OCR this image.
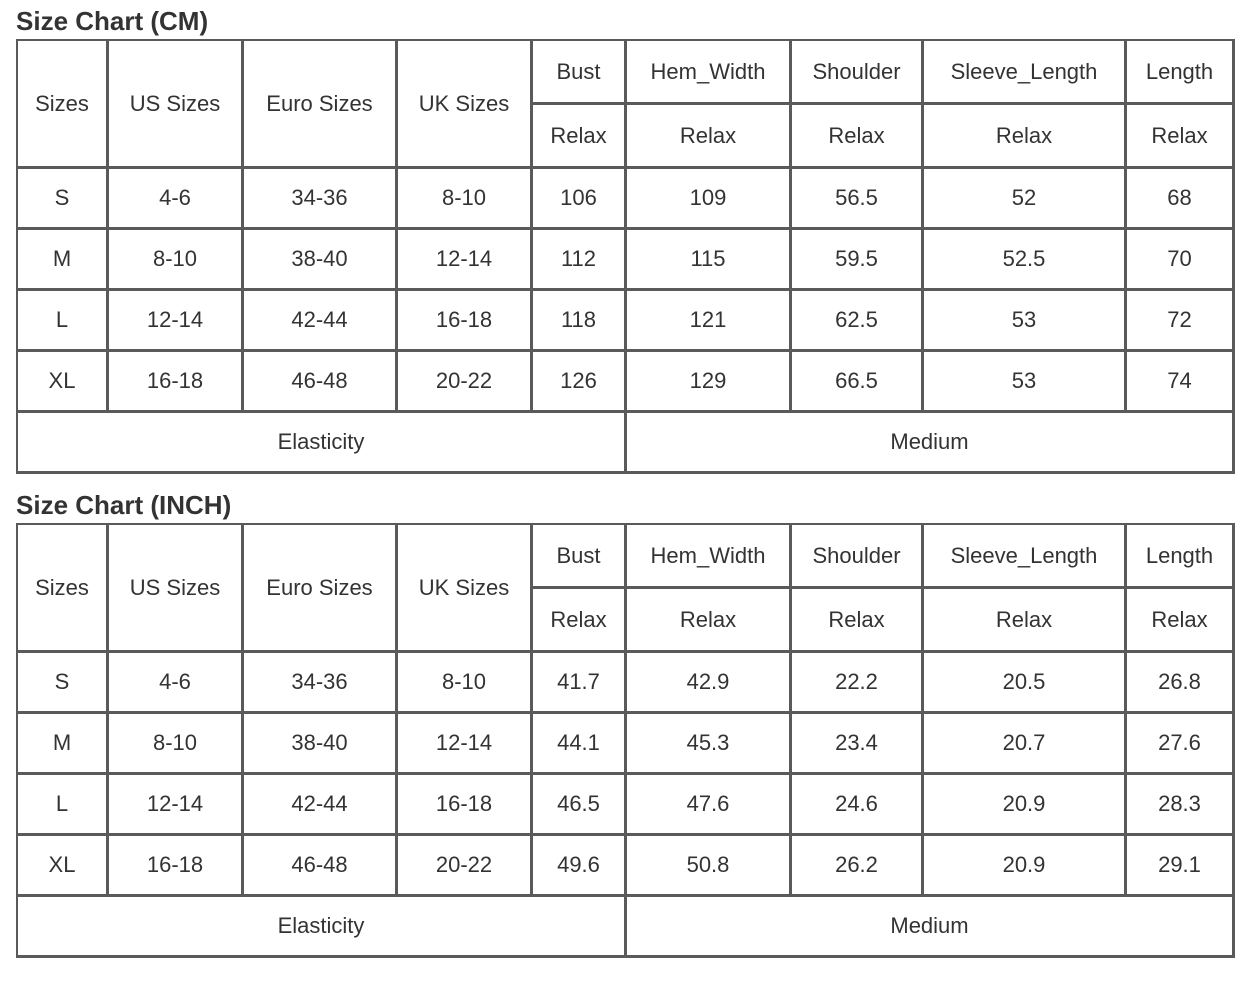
Size Chart (CM)
Sizes	US Sizes	Euro Sizes	UK Sizes	Bust	Hem_Width	Shoulder	Sleeve_Length	Length
				Relax	Relax	Relax	Relax	Relax
S	4-6	34-36	8-10	106	109	56.5	52	68
M	8-10	38-40	12-14	112	115	59.5	52.5	70
L	12-14	42-44	16-18	118	121	62.5	53	72
XL	16-18	46-48	20-22	126	129	66.5	53	74
Elasticity					Medium			
Size Chart (INCH)
Sizes	US Sizes	Euro Sizes	UK Sizes	Bust	Hem_Width	Shoulder	Sleeve_Length	Length
				Relax	Relax	Relax	Relax	Relax
S	4-6	34-36	8-10	41.7	42.9	22.2	20.5	26.8
M	8-10	38-40	12-14	44.1	45.3	23.4	20.7	27.6
L	12-14	42-44	16-18	46.5	47.6	24.6	20.9	28.3
XL	16-18	46-48	20-22	49.6	50.8	26.2	20.9	29.1
Elasticity					Medium			
